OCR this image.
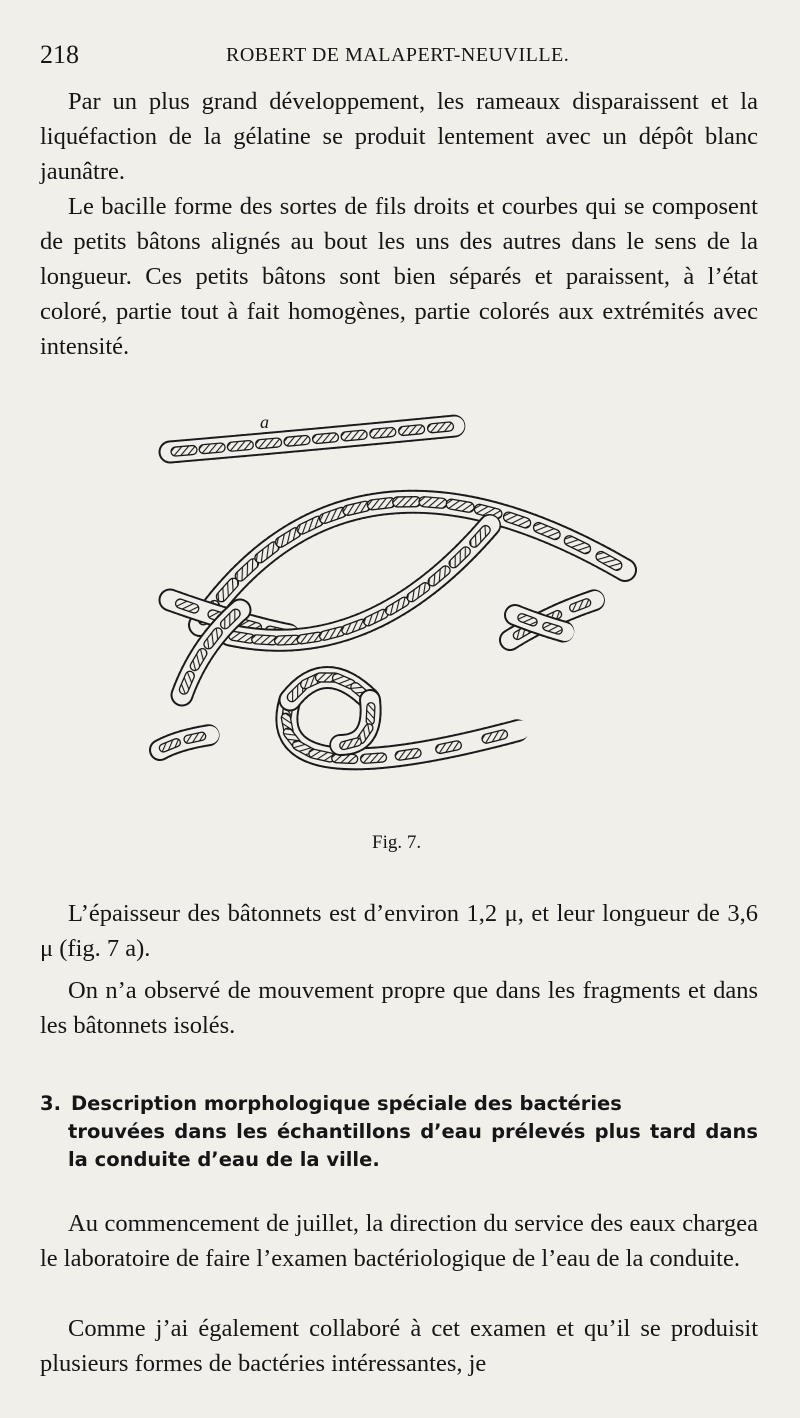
218	ROBERT DE MALAPERT-NEUVILLE.

Par un plus grand développement, les rameaux disparaissent et la liquéfaction de la gélatine se produit lentement avec un dépôt blanc jaunâtre.

Le bacille forme des sortes de fils droits et courbes qui se composent de petits bâtons alignés au bout les uns des autres dans le sens de la longueur. Ces petits bâtons sont bien séparés et paraissent, à l’état coloré, partie tout à fait homogènes, partie colorés aux extrémités avec intensité.

a
Fig. 7.

L’épaisseur des bâtonnets est d’environ 1,2 μ, et leur longueur de 3,6 μ (fig. 7 a).

On n’a observé de mouvement propre que dans les fragments et dans les bâtonnets isolés.

3. Description morphologique spéciale des bactéries
trouvées dans les échantillons d’eau prélevés plus tard dans la conduite d’eau de la ville.

Au commencement de juillet, la direction du service des eaux chargea le laboratoire de faire l’examen bactériologique de l’eau de la conduite.

Comme j’ai également collaboré à cet examen et qu’il se produisit plusieurs formes de bactéries intéressantes, je
